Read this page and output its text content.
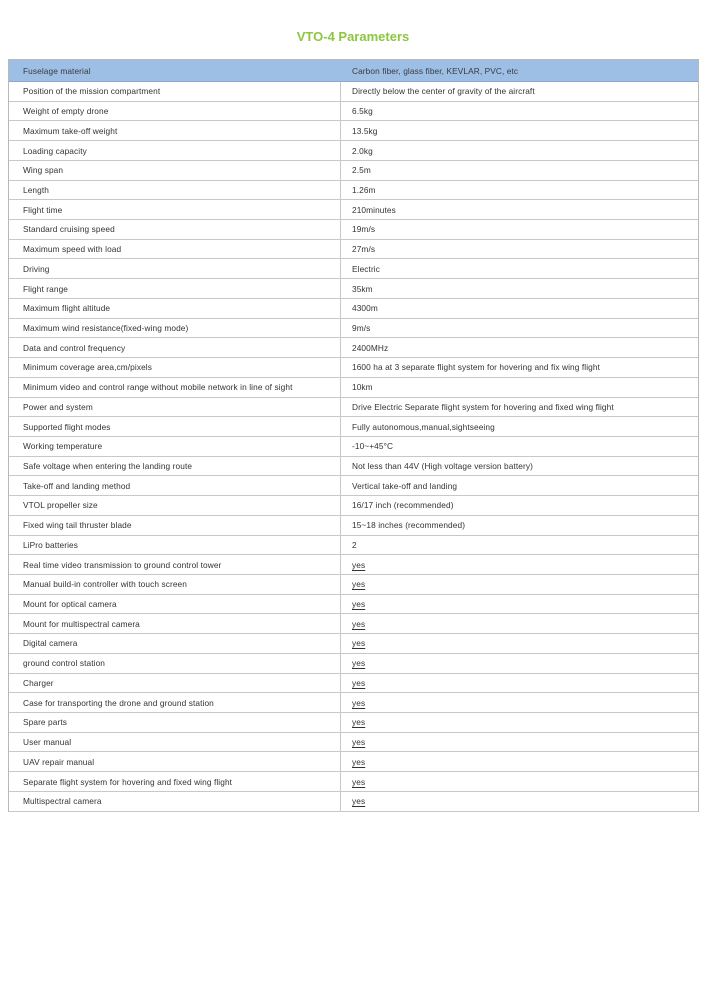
VTO-4 Parameters
Fuselage material	Carbon fiber, glass fiber, KEVLAR, PVC, etc
Position of the mission compartment	Directly below the center of gravity of the aircraft
Weight of empty drone	6.5kg
Maximum take-off weight	13.5kg
Loading capacity	2.0kg
Wing span	2.5m
Length	1.26m
Flight time	210minutes
Standard cruising speed	19m/s
Maximum speed with load	27m/s
Driving	Electric
Flight range	35km
Maximum flight altitude	4300m
Maximum wind resistance(fixed-wing mode)	9m/s
Data and control frequency	2400MHz
Minimum coverage area,cm/pixels	1600 ha at 3 separate flight system for hovering and fix wing flight
Minimum video and control range without mobile network in line of sight	10km
Power and system	Drive Electric Separate flight system for hovering and fixed wing flight
Supported flight modes	Fully autonomous,manual,sightseeing
Working temperature	-10~+45°C
Safe voltage when entering the landing route	Not less than 44V (High voltage version battery)
Take-off and landing method	Vertical take-off and landing
VTOL propeller size	16/17 inch (recommended)
Fixed wing tail thruster blade	15~18 inches (recommended)
LiPro batteries	2
Real time video transmission to ground control tower	yes
Manual build-in controller with touch screen	yes
Mount for optical camera	yes
Mount for multispectral camera	yes
Digital camera	yes
ground control station	yes
Charger	yes
Case for transporting the drone and ground station	yes
Spare parts	yes
User manual	yes
UAV repair manual	yes
Separate flight system for hovering and fixed wing flight	yes
Multispectral camera	yes
